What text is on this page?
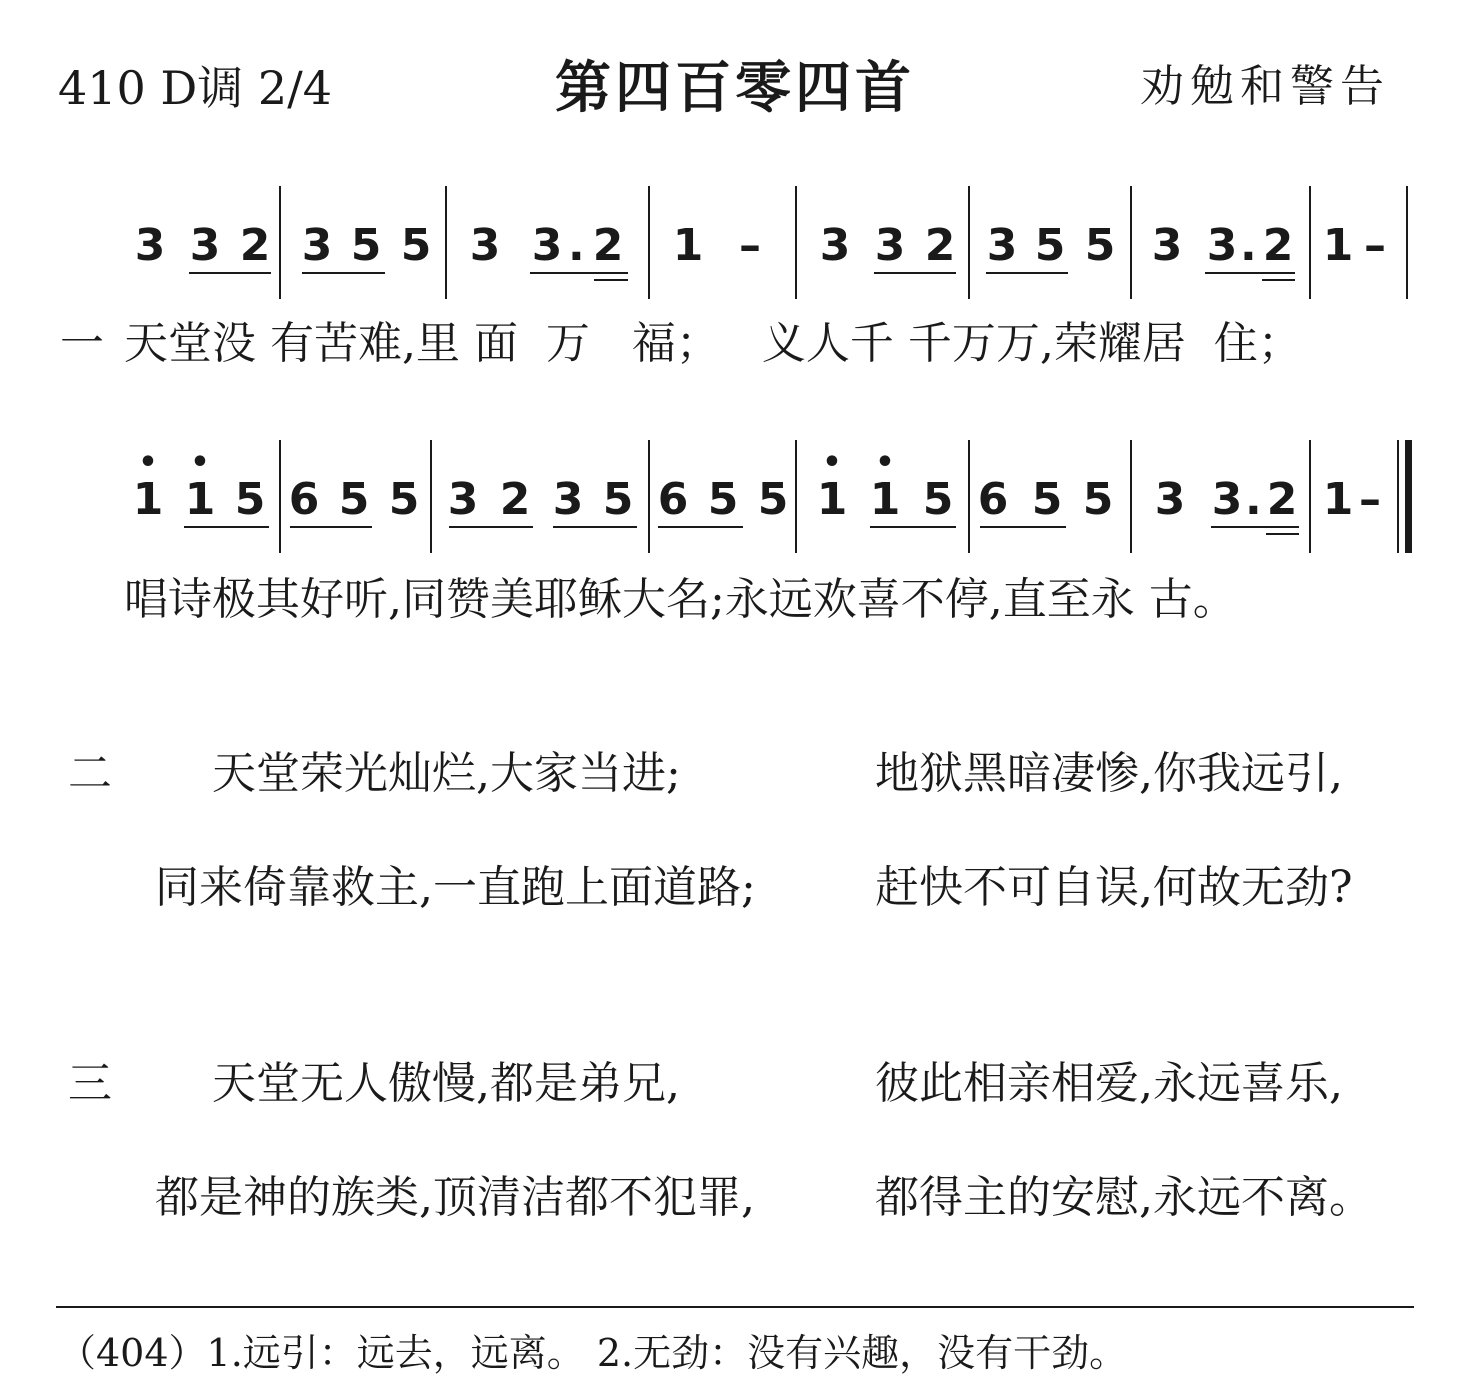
410 D调 2/4	第四百零四首	劝勉和警告
3 3 2 3 5 5 3 3 . 2 1 – 3 3 2 3 5 5 3 3 . 2 1 –
一 天堂没 有苦难,里 面  万   福；   义人千 千万万,荣耀居  住；
•
1
•
1 5 6 5 5 3 2 3 5 6 5 5
•
1
•
1 5 6 5 5 3 3 . 2 1 –
唱诗极其好听,同赞美耶稣大名;永远欢喜不停,直至永 古。
二 天堂荣光灿烂,大家当进;	地狱黑暗凄惨,你我远引,
同来倚靠救主,一直跑上面道路;	赶快不可自误,何故无劲?
三 天堂无人傲慢,都是弟兄,	彼此相亲相爱,永远喜乐,
都是神的族类,顶清洁都不犯罪,	都得主的安慰,永远不离。
（404）1.远引：远去，远离。 2.无劲：没有兴趣，没有干劲。
